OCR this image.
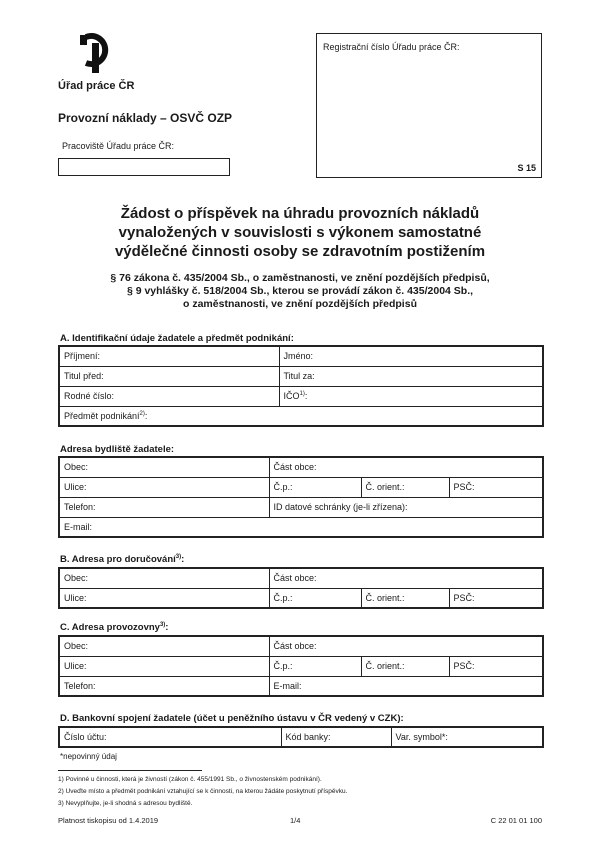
Úřad práce ČR
Registrační číslo Úřadu práce ČR:
S 15
Provozní náklady – OSVČ OZP
Pracoviště Úřadu práce ČR:
Žádost o příspěvek na úhradu provozních nákladů
vynaložených v souvislosti s výkonem samostatné
výdělečné činnosti osoby se zdravotním postižením
§ 76 zákona č. 435/2004 Sb., o zaměstnanosti, ve znění pozdějších předpisů,
§ 9 vyhlášky č. 518/2004 Sb., kterou se provádí zákon č. 435/2004 Sb.,
o zaměstnanosti, ve znění pozdějších předpisů
A. Identifikační údaje žadatele a předmět podnikání:
Příjmení:	Jméno:
Titul před:	Titul za:
Rodné číslo:	IČO$^{1)}$:
Předmět podnikání$^{2)}$:	
Adresa bydliště žadatele:
Obec:	Část obce:		
Ulice:	Č.p.:	Č. orient.:	PSČ:
Telefon:	ID datové schránky (je-li zřízena):		
E-mail:			
B. Adresa pro doručování$^{3)}$:
Obec:	Část obce:		
Ulice:	Č.p.:	Č. orient.:	PSČ:
C. Adresa provozovny$^{3)}$:
Obec:	Část obce:		
Ulice:	Č.p.:	Č. orient.:	PSČ:
Telefon:	E-mail:		
D. Bankovní spojení žadatele (účet u peněžního ústavu v ČR vedený v CZK):
Číslo účtu:	Kód banky:	Var. symbol*:
*nepovinný údaj
1) Povinné u činnosti, která je živností (zákon č. 455/1991 Sb., o živnostenském podnikání).
2) Uveďte místo a předmět podnikání vztahující se k činnosti, na kterou žádáte poskytnutí příspěvku.
3) Nevyplňujte, je-li shodná s adresou bydliště.
Platnost tiskopisu od 1.4.2019	1/4	C 22 01 01 100
